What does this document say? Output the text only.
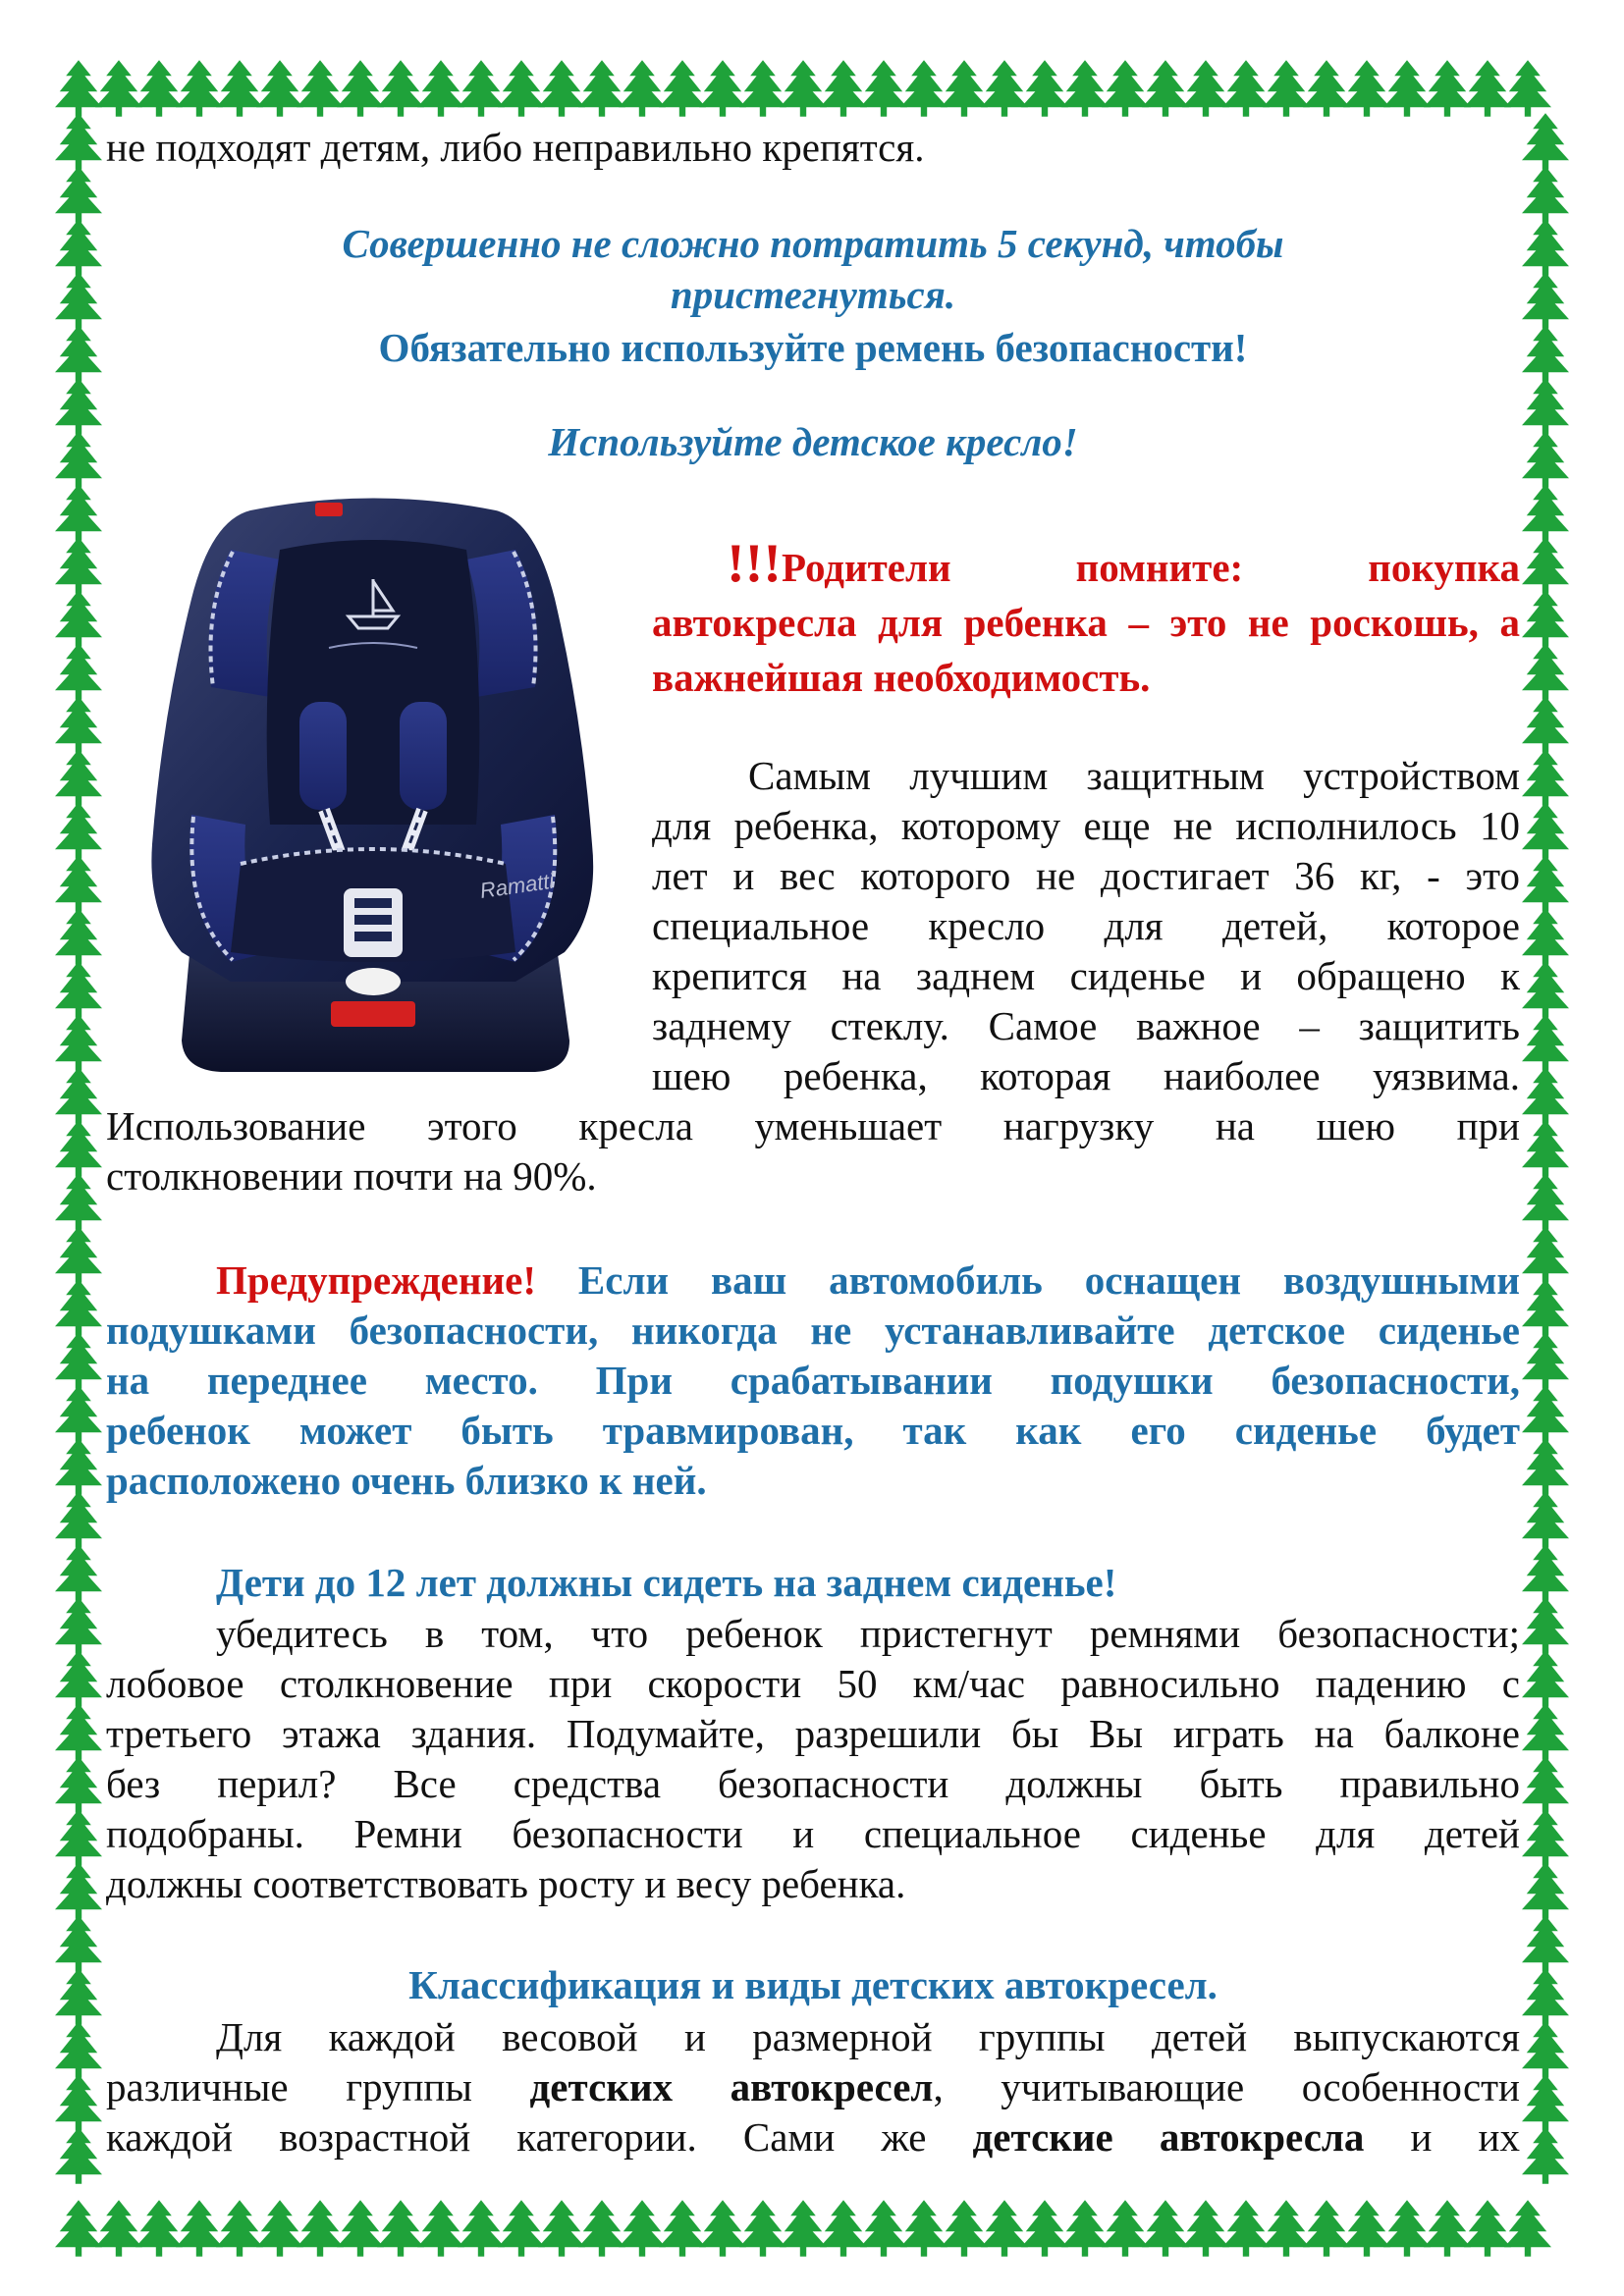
не подходят детям, либо неправильно крепятся.

Совершенно не сложно потратить 5 секунд, чтобы

пристегнуться.

Обязательно используйте ремень безопасности!

Используйте детское кресло!

Ramatti

!!!Родители помните: покупка

автокресла для ребенка – это не роскошь, а

важнейшая необходимость.

Самым лучшим защитным устройством

для ребенка, которому еще не исполнилось 10

лет и вес которого не достигает 36 кг, - это

специальное кресло для детей, которое

крепится на заднем сиденье и обращено к

заднему стеклу. Самое важное – защитить

шею ребенка, которая наиболее уязвима.

Использование этого кресла уменьшает нагрузку на шею при

столкновении почти на 90%.

Предупреждение! Если ваш автомобиль оснащен воздушными

подушками безопасности, никогда не устанавливайте детское сиденье

на переднее место. При срабатывании подушки безопасности,

ребенок может быть травмирован, так как его сиденье будет

расположено очень близко к ней.

Дети до 12 лет должны сидеть на заднем сиденье!

убедитесь в том, что ребенок пристегнут ремнями безопасности;

лобовое столкновение при скорости 50 км/час равносильно падению с

третьего этажа здания. Подумайте, разрешили бы Вы играть на балконе

без перил? Все средства безопасности должны быть правильно

подобраны. Ремни безопасности и специальное сиденье для детей

должны соответствовать росту и весу ребенка.

Классификация и виды детских автокресел.

Для каждой весовой и размерной группы детей выпускаются

различные группы детских автокресел, учитывающие особенности

каждой возрастной категории. Сами же детские автокресла и их
